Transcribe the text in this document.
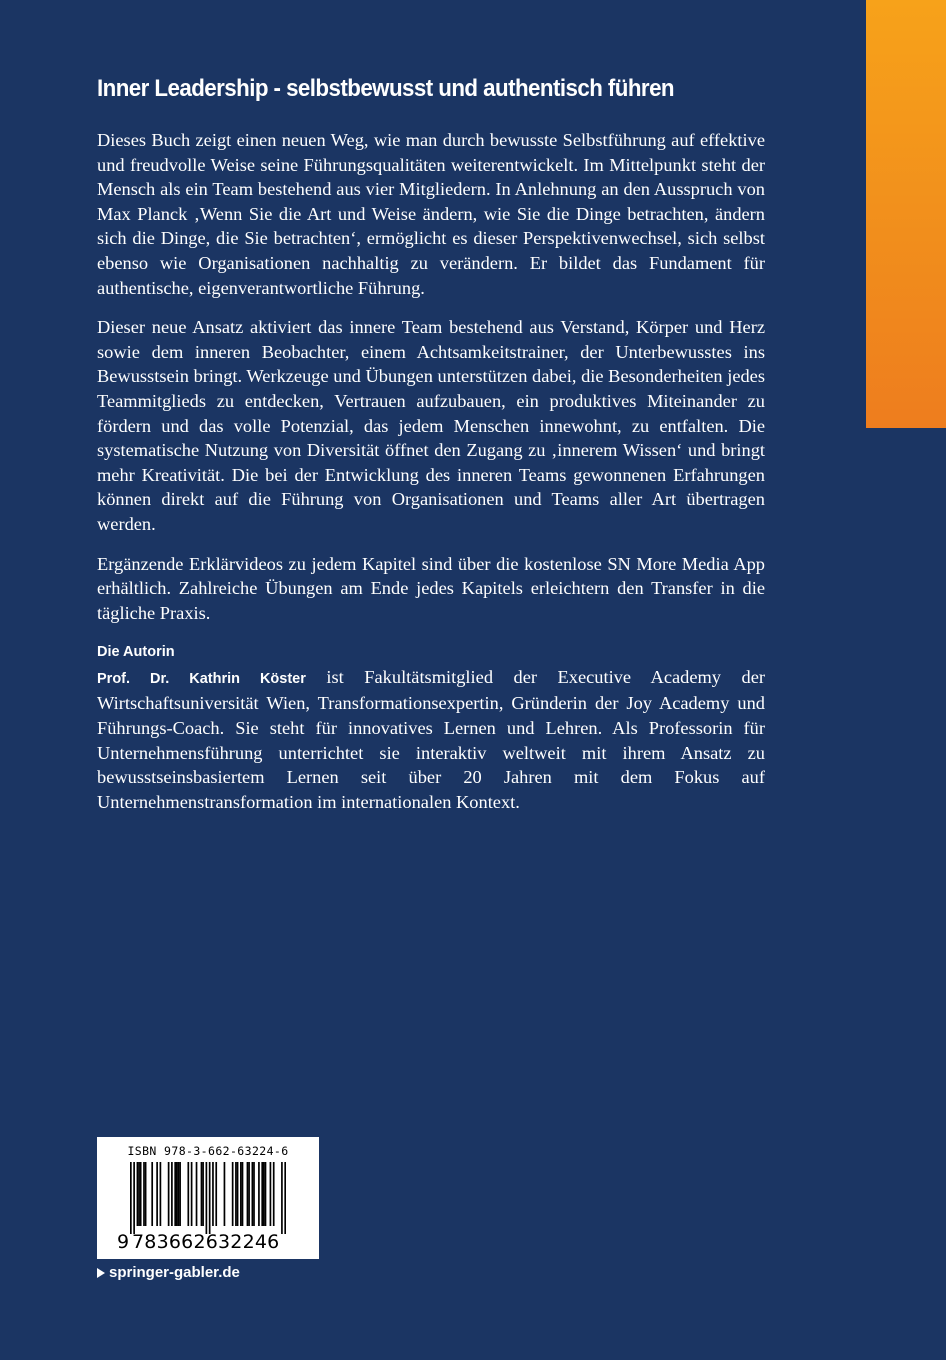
Inner Leadership - selbstbewusst und authentisch führen

Dieses Buch zeigt einen neuen Weg, wie man durch bewusste Selbstführung auf effektive und freudvolle Weise seine Führungsqualitäten weiterentwickelt. Im Mittelpunkt steht der Mensch als ein Team bestehend aus vier Mitgliedern. In Anlehnung an den Ausspruch von Max Planck ‚Wenn Sie die Art und Weise ändern, wie Sie die Dinge betrachten, ändern sich die Dinge, die Sie betrachten‘, ermöglicht es dieser Perspektivenwechsel, sich selbst ebenso wie Organisationen nachhaltig zu verändern. Er bildet das Fundament für authentische, eigenverantwortliche Führung.

Dieser neue Ansatz aktiviert das innere Team bestehend aus Verstand, Körper und Herz sowie dem inneren Beobachter, einem Achtsamkeitstrainer, der Unterbewusstes ins Bewusstsein bringt. Werkzeuge und Übungen unterstützen dabei, die Besonderheiten jedes Teammitglieds zu entdecken, Vertrauen aufzubauen, ein produktives Miteinander zu fördern und das volle Potenzial, das jedem Menschen innewohnt, zu entfalten. Die systematische Nutzung von Diversität öffnet den Zugang zu ‚innerem Wissen‘ und bringt mehr Kreativität. Die bei der Entwicklung des inneren Teams gewonnenen Erfahrungen können direkt auf die Führung von Organisationen und Teams aller Art übertragen werden.

Ergänzende Erklärvideos zu jedem Kapitel sind über die kostenlose SN More Media App erhältlich. Zahlreiche Übungen am Ende jedes Kapitels erleichtern den Transfer in die tägliche Praxis.

Die Autorin

Prof. Dr. Kathrin Köster ist Fakultätsmitglied der Executive Academy der Wirtschaftsuniversität Wien, Transformationsexpertin, Gründerin der Joy Academy und Führungs-Coach. Sie steht für innovatives Lernen und Lehren. Als Professorin für Unternehmensführung unterrichtet sie interaktiv weltweit mit ihrem Ansatz zu bewusstseinsbasiertem Lernen seit über 20 Jahren mit dem Fokus auf Unternehmenstransformation im internationalen Kontext.

ISBN 978-3-662-63224-6
9 783662632246
springer-gabler.de
